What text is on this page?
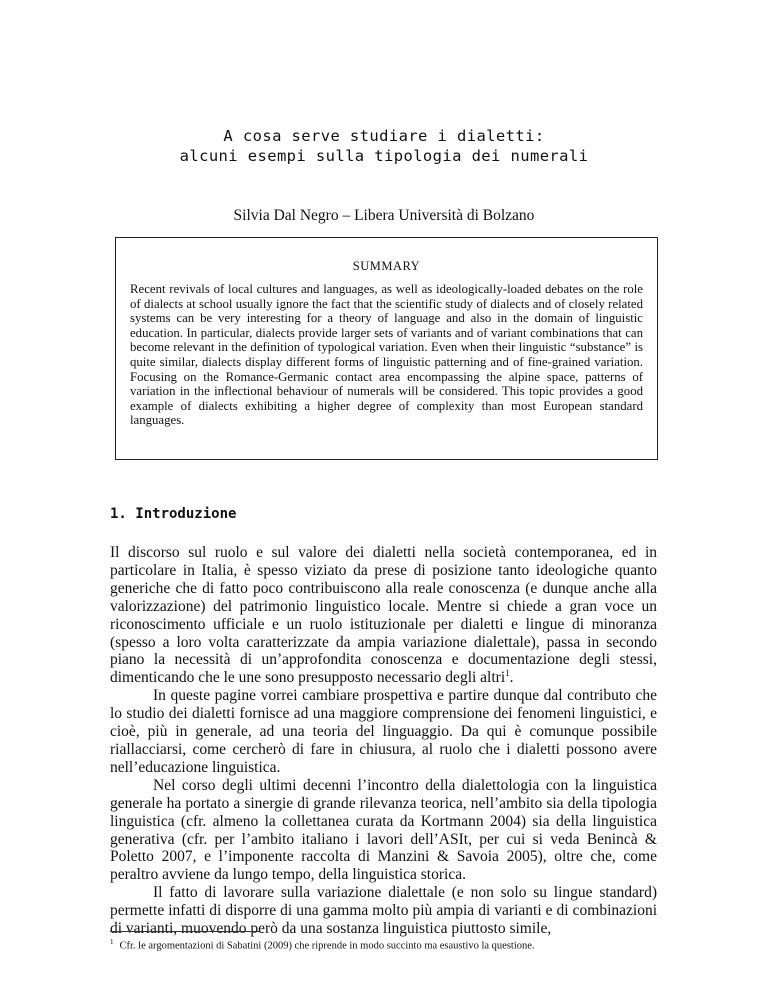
A cosa serve studiare i dialetti:
alcuni esempi sulla tipologia dei numerali
Silvia Dal Negro – Libera Università di Bolzano
SUMMARY

Recent revivals of local cultures and languages, as well as ideologically-loaded debates on the role of dialects at school usually ignore the fact that the scientific study of dialects and of closely related systems can be very interesting for a theory of language and also in the domain of linguistic education. In particular, dialects provide larger sets of variants and of variant combinations that can become relevant in the definition of typological variation. Even when their linguistic “substance” is quite similar, dialects display different forms of linguistic patterning and of fine-grained variation. Focusing on the Romance-Germanic contact area encompassing the alpine space, patterns of variation in the inflectional behaviour of numerals will be considered. This topic provides a good example of dialects exhibiting a higher degree of complexity than most European standard languages.

1. Introduzione

Il discorso sul ruolo e sul valore dei dialetti nella società contemporanea, ed in particolare in Italia, è spesso viziato da prese di posizione tanto ideologiche quanto generiche che di fatto poco contribuiscono alla reale conoscenza (e dunque anche alla valorizzazione) del patrimonio linguistico locale. Mentre si chiede a gran voce un riconoscimento ufficiale e un ruolo istituzionale per dialetti e lingue di minoranza (spesso a loro volta caratterizzate da ampia variazione dialettale), passa in secondo piano la necessità di un’approfondita conoscenza e documentazione degli stessi, dimenticando che le une sono presupposto necessario degli altri$^1$.

In queste pagine vorrei cambiare prospettiva e partire dunque dal contributo che lo studio dei dialetti fornisce ad una maggiore comprensione dei fenomeni linguistici, e cioè, più in generale, ad una teoria del linguaggio. Da qui è comunque possibile riallacciarsi, come cercherò di fare in chiusura, al ruolo che i dialetti possono avere nell’educazione linguistica.

Nel corso degli ultimi decenni l’incontro della dialettologia con la linguistica generale ha portato a sinergie di grande rilevanza teorica, nell’ambito sia della tipologia linguistica (cfr. almeno la collettanea curata da Kortmann 2004) sia della linguistica generativa (cfr. per l’ambito italiano i lavori dell’ASIt, per cui si veda Benincà & Poletto 2007, e l’imponente raccolta di Manzini & Savoia 2005), oltre che, come peraltro avviene da lungo tempo, della linguistica storica.

Il fatto di lavorare sulla variazione dialettale (e non solo su lingue standard) permette infatti di disporre di una gamma molto più ampia di varianti e di combinazioni di varianti, muovendo però da una sostanza linguistica piuttosto simile,

$^1$ Cfr. le argomentazioni di Sabatini (2009) che riprende in modo succinto ma esaustivo la questione.
